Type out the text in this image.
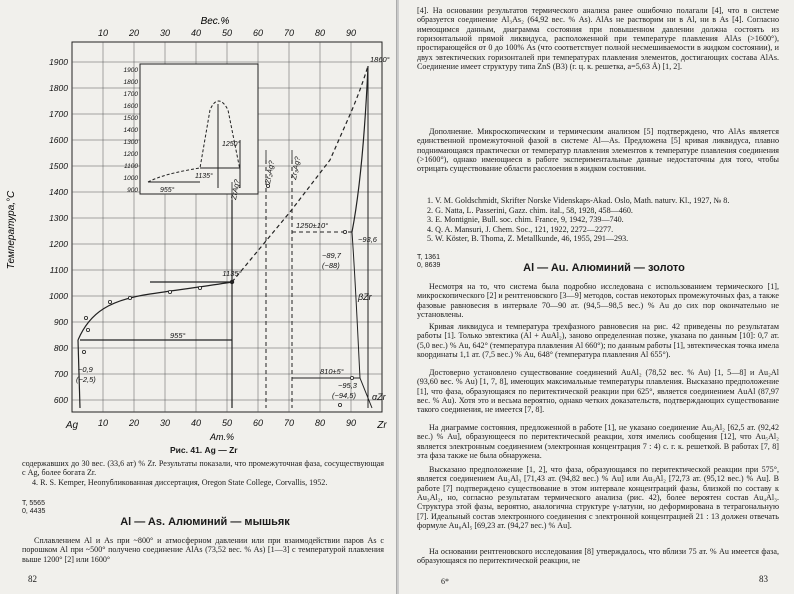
10 20 30 40 50 60 70 80 90
Вес.%
1900
1800
1700
1600
1500
1400
1300
1200
1100
1000
900
800
700
600
Температура,°С
Ag 10 20 30 40 50 60 70 80 90 Zr
Ат.%
1860°
1135°
955°
1250±10°
~93,6
~89,7
(~88)
βZr
αZr
810±5°
~95,3
(~94,5)
~0,9
(~2,5)
Zr₂Ag? Zr₃Ag?
ZrAg?
1900
1800
1700
1600
1500
1400
1300
1200
1100
1000
900	955°
1135°
1250°
Рис. 41. Ag — Zr

содержавших до 30 вес. (33,6 ат) % Zr. Результаты показали, что промежуточная фаза, сосуществующая с Ag, более богата Zr.

4. R. S. Kemper, Неопубликованная диссертация, Oregon State College, Corvallis, 1952.

Т, 5565
0, 4435
Al — As. Алюминий — мышьяк

Сплавлением Al и As при ~800° и атмосферном давлении или при взаимодействии паров As с порошком Al при ~500° получено соединение AlAs (73,52 вес. % As) [1—3] с температурой плавления выше 1200° [2] или 1600°

82

[4]. На основании результатов термического анализа ранее ошибочно полагали [4], что в системе образуется соединение Al₃As₂ (64,92 вес. % As). AlAs не растворим ни в Al, ни в As [4]. Согласно имеющимся данным, диаграмма состояния при повышенном давлении должна состоять из горизонтальной прямой ликвидуса, расположенной при температуре плавления AlAs (>1600°), простирающейся от 0 до 100% As (что соответствует полной несмешиваемости в жидком состоянии), и двух эвтектических горизонталей при температурах плавления элементов, достигающих состава AlAs. Соединение имеет структуру типа ZnS (В3) (г. ц. к. решетка, a=5,63 Å) [1, 2].

Дополнение. Микроскопическим и термическим анализом [5] подтверждено, что AlAs является единственной промежуточной фазой в системе Al—As. Предложена [5] кривая ликвидуса, плавно поднимающаяся практически от температур плавления элементов к температуре плавления соединения (>1600°), однако имеющиеся в работе экспериментальные данные недостаточны для того, чтобы отрицать существование области расслоения в жидком состоянии.

1. V. M. Goldschmidt, Skrifter Norske Videnskaps-Akad. Oslo, Math. naturv. Kl., 1927, № 8.
2. G. Natta, L. Passerini, Gazz. chim. ital., 58, 1928, 458—460.
3. E. Montignie, Bull. soc. chim. France, 9, 1942, 739—740.
4. Q. A. Mansuri, J. Chem. Soc., 121, 1922, 2272—2277.
5. W. Köster, B. Thoma, Z. Metallkunde, 46, 1955, 291—293.
Т, 1361
0, 8639	Al — Au. Алюминий — золото

Несмотря на то, что система была подробно исследована с использованием термического [1], микроскопического [2] и рентгеновского [3—9] методов, состав некоторых промежуточных фаз, а также фазовые равновесия в интервале 70—90 ат. (94,5—98,5 вес.) % Au до сих пор окончательно не установлены.

Кривая ликвидуса и температура трехфазного равновесия на рис. 42 приведены по результатам работы [1]. Только эвтектика (Al + AuAl₂), заново определенная позже, указана по данным [10]: 0,7 ат. (5,0 вес.) % Au, 642° (температура плавления Al 660°); по данным работы [1], эвтектическая точка имела координаты 1,1 ат. (7,5 вес.) % Au, 648° (температура плавления Al 655°).

Достоверно установлено существование соединений AuAl₂ (78,52 вес. % Au) [1, 5—8] и Au₂Al (93,60 вес. % Au) [1, 7, 8], имеющих максимальные температуры плавления. Высказано предположение [1], что фаза, образующаяся по перитектической реакции при 625°, является соединением AuAl (87,97 вес. % Au). Хотя это и весьма вероятно, однако четких доказательств, подтверждающих существование такого соединения, не имеется [7, 8].

На диаграмме состояния, предложенной в работе [1], не указано соединение Au₅Al₂ [62,5 ат. (92,42 вес.) % Au], образующееся по перитектической реакции, хотя имелись сообщения [12], что Au₅Al₂ является электронным соединением (электронная концентрация 7 : 4) с. г. к. решеткой. В работах [7, 8] эта фаза также не была обнаружена.

Высказано предположение [1, 2], что фаза, образующаяся по перитектической реакции при 575°, является соединением Au₂Al₃ [71,43 ат. (94,82 вес.) % Au] или Au₃Al₂ [72,73 ат. (95,12 вес.) % Au]. В работе [7] подтверждено существование в этом интервале концентраций фазы, близкой по составу к Au₃Al₂, но, согласно результатам термического анализа (рис. 42), более вероятен состав Au₄Al₃. Структура этой фазы, вероятно, аналогична структуре γ-латуни, но деформирована в тетрагональную [7]. Идеальный состав электронного соединения с электронной концентрацией 21 : 13 должен отвечать формуле Au₈Al₅ [69,23 ат. (94,27 вес.) % Au].

На основании рентгеновского исследования [8] утверждалось, что вблизи 75 ат. % Au имеется фаза, образующаяся по перитектической реакции, не

6*	83
